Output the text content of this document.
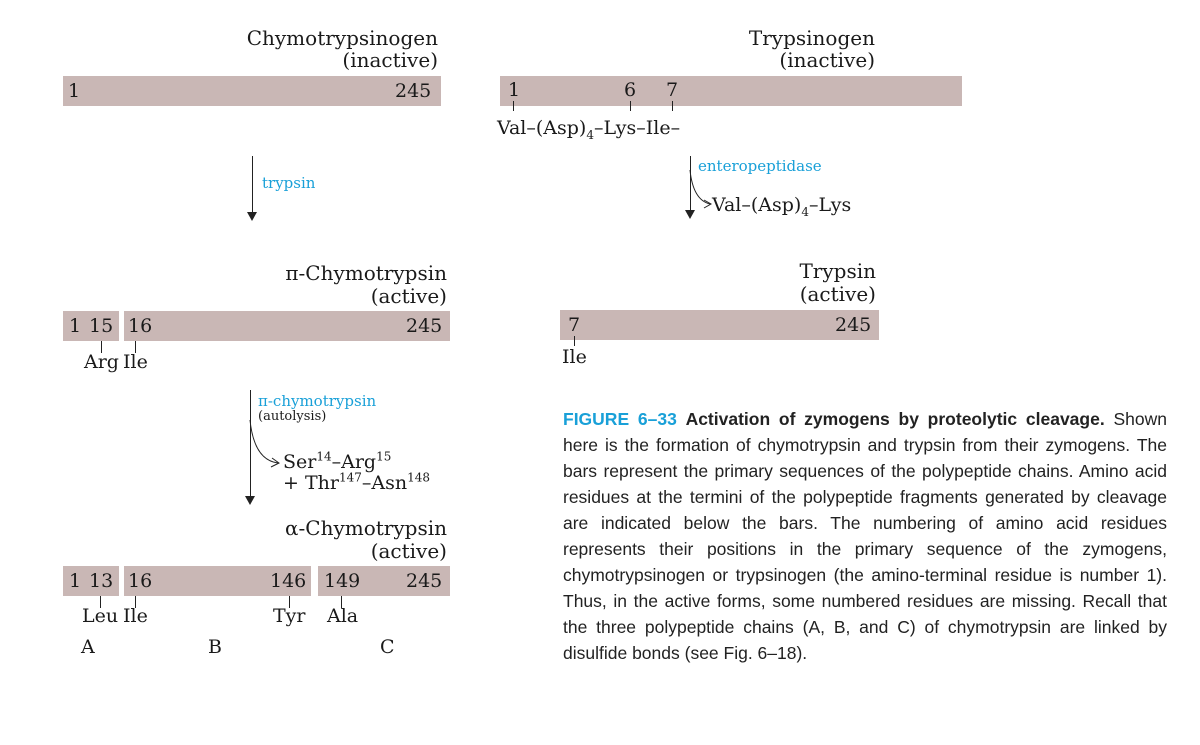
Chymotrypsinogen
(inactive)
1	245
trypsin
π-Chymotrypsin
(active)
1 15 16	245
Arg Ile
π-chymotrypsin
(autolysis)
Ser$^{14}$–Arg$^{15}$
+ Thr$^{147}$–Asn$^{148}$
α-Chymotrypsin
(active)
1 13 16	146 149 245
Leu Ile	Tyr Ala
A	B	C
Trypsinogen
(inactive)
1	6 7
Val–$(Asp)_4-Lys-Ile-$
enteropeptidase
Val–$(Asp)_4$–Lys
Trypsin
(active)
7	245
Ile
FIGURE 6–33 Activation of zymogens by proteolytic cleavage. Shown here is the formation of chymotrypsin and trypsin from their zymogens. The bars represent the primary sequences of the polypeptide chains. Amino acid residues at the termini of the polypeptide fragments generated by cleavage are indicated below the bars. The numbering of amino acid residues represents their positions in the primary sequence of the zymogens, chymotrypsinogen or trypsinogen (the amino-terminal residue is number 1). Thus, in the active forms, some numbered residues are missing. Recall that the three polypeptide chains (A, B, and C) of chymotrypsin are linked by disulfide bonds (see Fig. 6–18).
